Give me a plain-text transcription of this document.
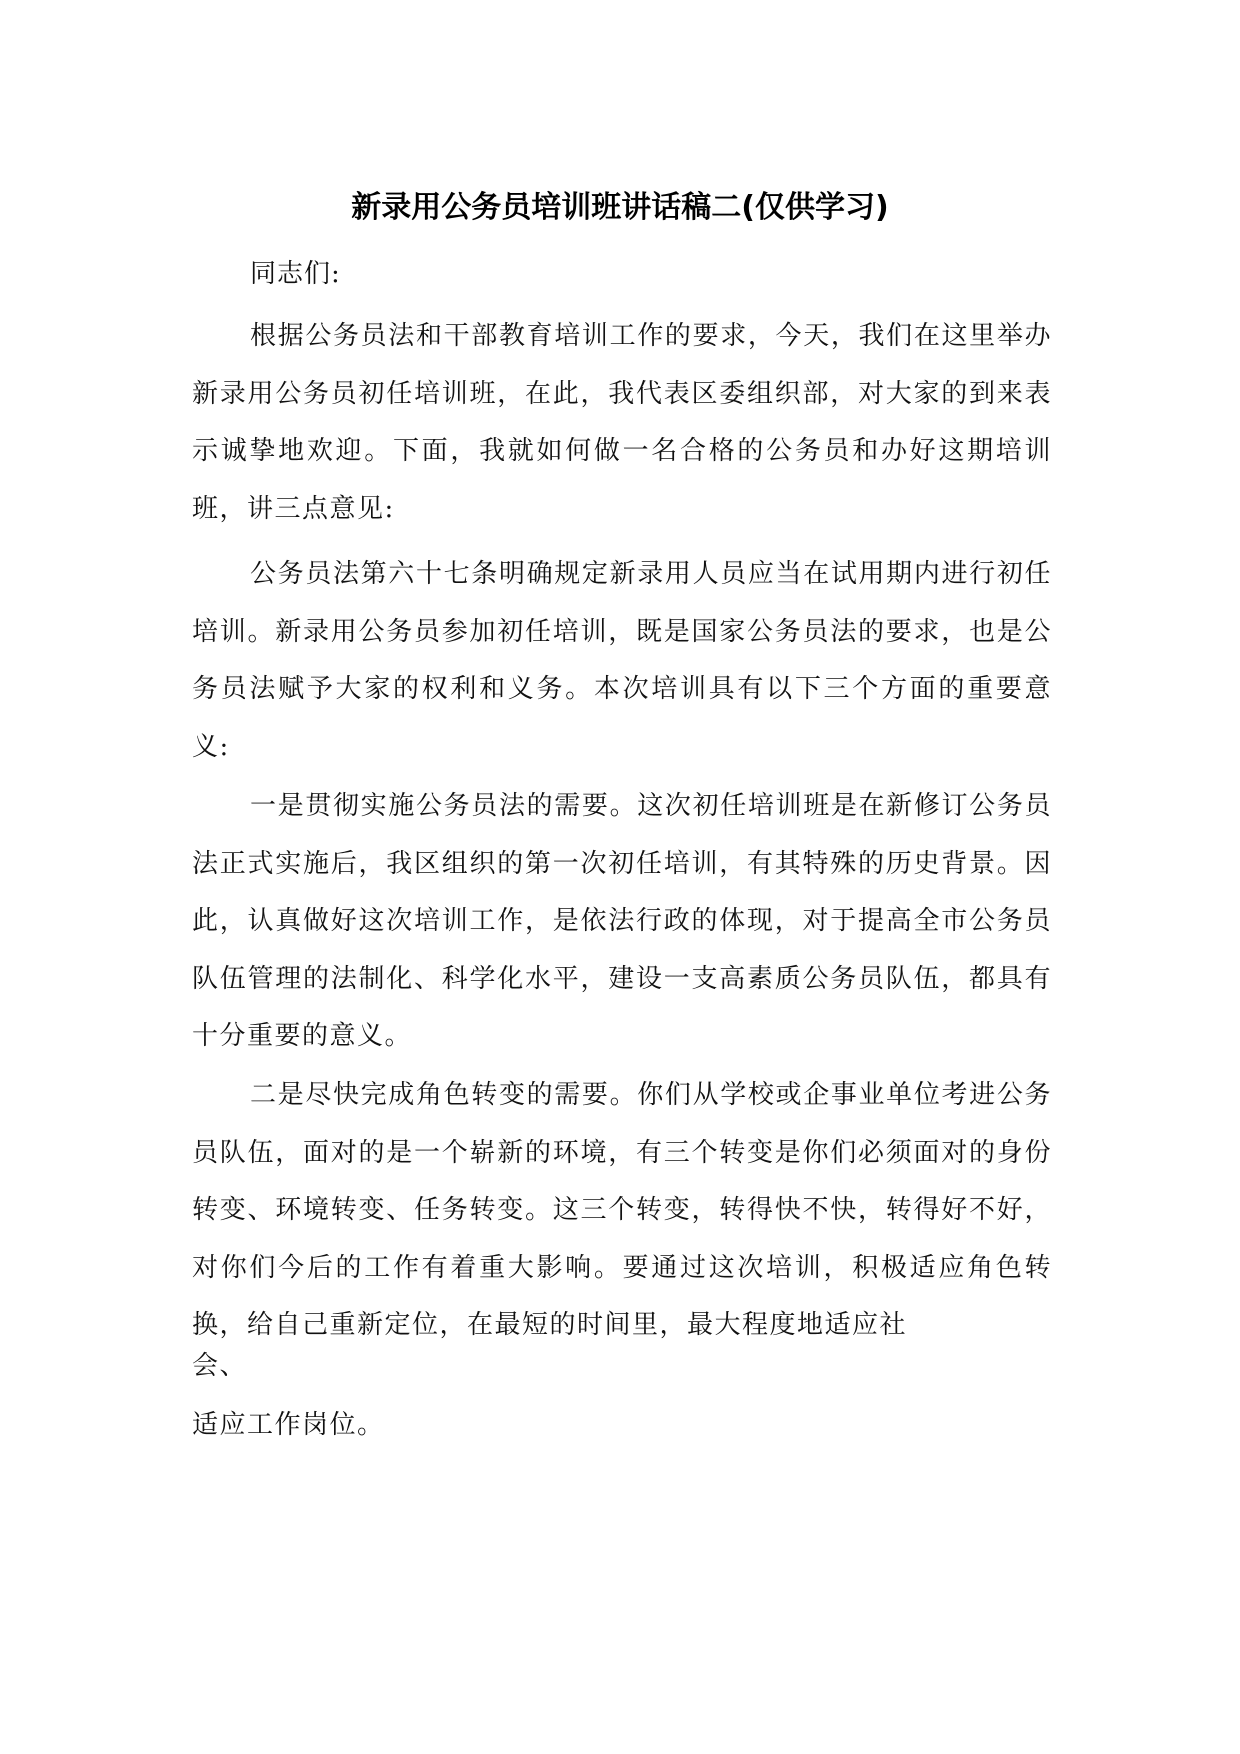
新录用公务员培训班讲话稿二(仅供学习)
同志们:

根据公务员法和干部教育培训工作的要求，今天，我们在这里举办新录用公务员初任培训班，在此，我代表区委组织部，对大家的到来表示诚挚地欢迎。下面，我就如何做一名合格的公务员和办好这期培训班，讲三点意见:

公务员法第六十七条明确规定新录用人员应当在试用期内进行初任培训。新录用公务员参加初任培训，既是国家公务员法的要求，也是公务员法赋予大家的权利和义务。本次培训具有以下三个方面的重要意义:

一是贯彻实施公务员法的需要。这次初任培训班是在新修订公务员法正式实施后，我区组织的第一次初任培训，有其特殊的历史背景。因此，认真做好这次培训工作，是依法行政的体现，对于提高全市公务员队伍管理的法制化、科学化水平，建设一支高素质公务员队伍，都具有十分重要的意义。

二是尽快完成角色转变的需要。你们从学校或企事业单位考进公务员队伍，面对的是一个崭新的环境，有三个转变是你们必须面对的身份转变、环境转变、任务转变。这三个转变，转得快不快，转得好不好，对你们今后的工作有着重大影响。要通过这次培训，积极适应角色转换，给自己重新定位，在最短的时间里，最大程度地适应社

会、
适应工作岗位。
